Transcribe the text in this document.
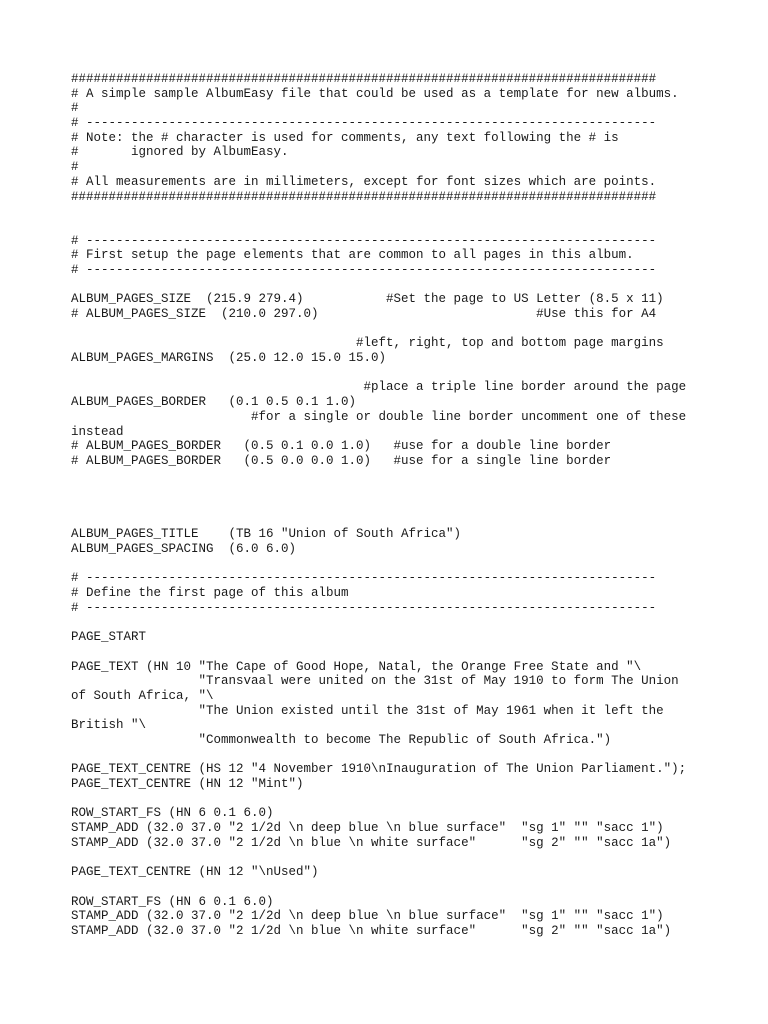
##############################################################################
# A simple sample AlbumEasy file that could be used as a template for new albums.
#
# ----------------------------------------------------------------------------
# Note: the # character is used for comments, any text following the # is
#       ignored by AlbumEasy.
#
# All measurements are in millimeters, except for font sizes which are points.
##############################################################################
# ----------------------------------------------------------------------------
# First setup the page elements that are common to all pages in this album.
# ----------------------------------------------------------------------------
ALBUM_PAGES_SIZE  (215.9 279.4)           #Set the page to US Letter (8.5 x 11)
# ALBUM_PAGES_SIZE  (210.0 297.0)                             #Use this for A4
#left, right, top and bottom page margins
ALBUM_PAGES_MARGINS  (25.0 12.0 15.0 15.0)
#place a triple line border around the page
ALBUM_PAGES_BORDER   (0.1 0.5 0.1 1.0)
#for a single or double line border uncomment one of these
instead
# ALBUM_PAGES_BORDER   (0.5 0.1 0.0 1.0)   #use for a double line border
# ALBUM_PAGES_BORDER   (0.5 0.0 0.0 1.0)   #use for a single line border
ALBUM_PAGES_TITLE    (TB 16 "Union of South Africa")
ALBUM_PAGES_SPACING  (6.0 6.0)
# ----------------------------------------------------------------------------
# Define the first page of this album
# ----------------------------------------------------------------------------
PAGE_START
PAGE_TEXT (HN 10 "The Cape of Good Hope, Natal, the Orange Free State and "\
"Transvaal were united on the 31st of May 1910 to form The Union
of South Africa, "\
"The Union existed until the 31st of May 1961 when it left the
British "\
"Commonwealth to become The Republic of South Africa.")
PAGE_TEXT_CENTRE (HS 12 "4 November 1910\nInauguration of The Union Parliament.");
PAGE_TEXT_CENTRE (HN 12 "Mint")
ROW_START_FS (HN 6 0.1 6.0)
STAMP_ADD (32.0 37.0 "2 1/2d \n deep blue \n blue surface"  "sg 1" "" "sacc 1")
STAMP_ADD (32.0 37.0 "2 1/2d \n blue \n white surface"      "sg 2" "" "sacc 1a")
PAGE_TEXT_CENTRE (HN 12 "\nUsed")
ROW_START_FS (HN 6 0.1 6.0)
STAMP_ADD (32.0 37.0 "2 1/2d \n deep blue \n blue surface"  "sg 1" "" "sacc 1")
STAMP_ADD (32.0 37.0 "2 1/2d \n blue \n white surface"      "sg 2" "" "sacc 1a")
